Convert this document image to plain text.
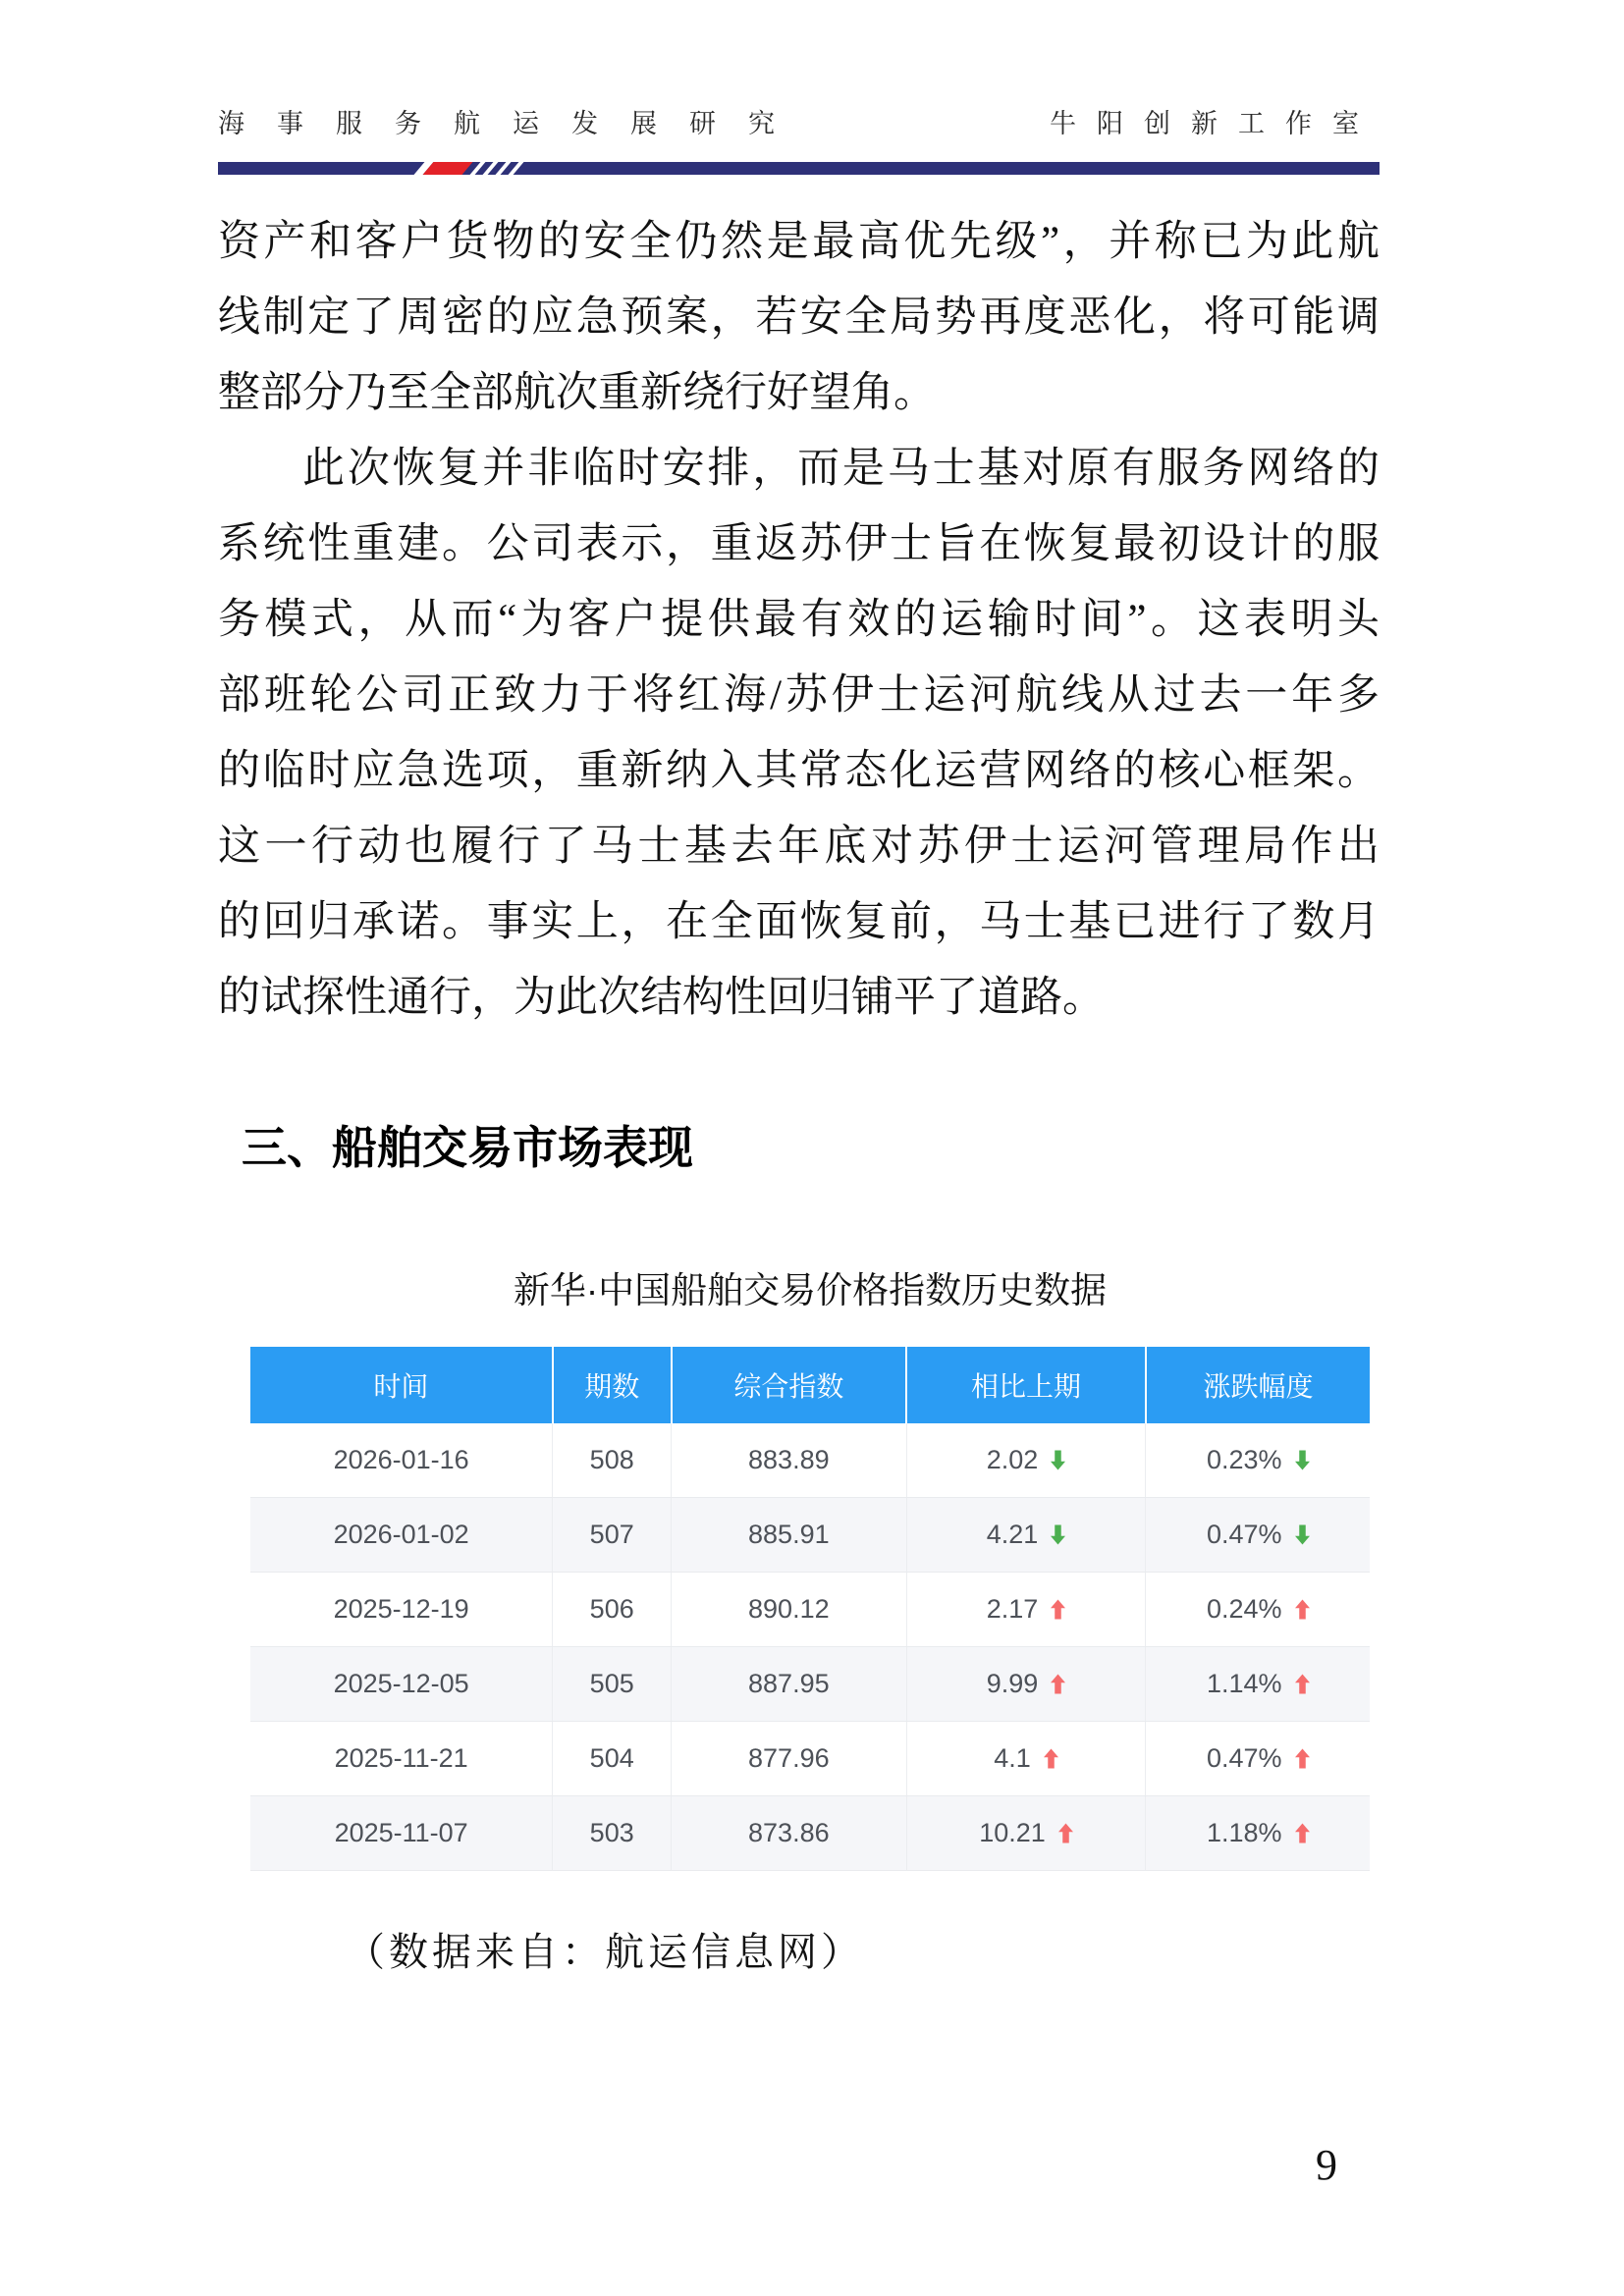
海事服务航运发展研究	牛阳创新工作室
资产和客户货物的安全仍然是最高优先级”，并称已为此航
线制定了周密的应急预案，若安全局势再度恶化，将可能调
整部分乃至全部航次重新绕行好望角。
此次恢复并非临时安排，而是马士基对原有服务网络的
系统性重建。公司表示，重返苏伊士旨在恢复最初设计的服
务模式，从而“为客户提供最有效的运输时间”。这表明头
部班轮公司正致力于将红海/苏伊士运河航线从过去一年多
的临时应急选项，重新纳入其常态化运营网络的核心框架。
这一行动也履行了马士基去年底对苏伊士运河管理局作出
的回归承诺。事实上，在全面恢复前，马士基已进行了数月
的试探性通行，为此次结构性回归铺平了道路。
三、船舶交易市场表现
新华·中国船舶交易价格指数历史数据
时间	期数	综合指数	相比上期	涨跌幅度
2026-01-16	508	883.89	2.02	0.23%

2026-01-02	507	885.91	4.21	0.47%

2025-12-19	506	890.12	2.17	0.24%

2025-12-05	505	887.95	9.99	1.14%

2025-11-21	504	877.96	4.1	0.47%

2025-11-07	503	873.86	10.21	1.18%
（数据来自：航运信息网）
9
